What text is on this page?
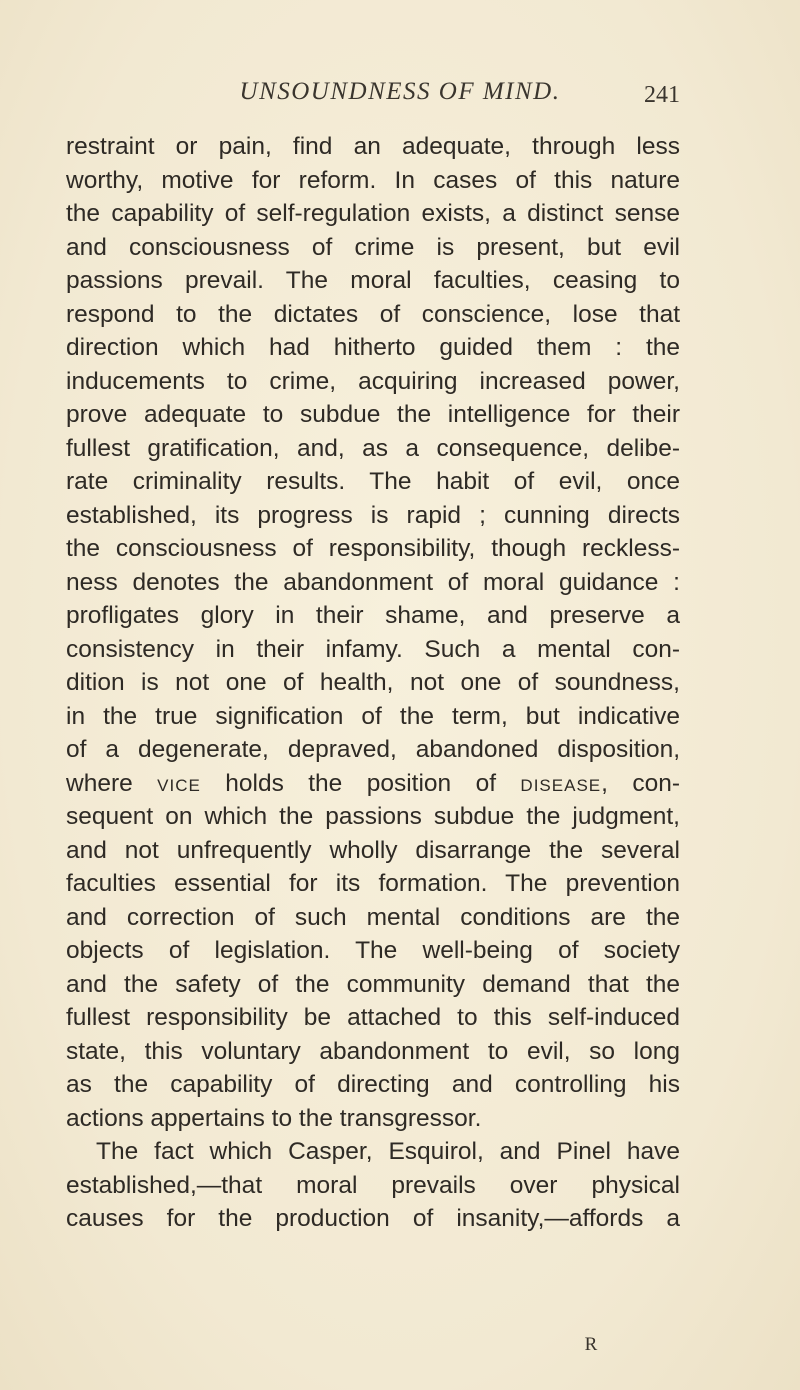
UNSOUNDNESS OF MIND.	241
restraint or pain, find an adequate, through less
worthy, motive for reform. In cases of this nature
the capability of self-regulation exists, a distinct sense
and consciousness of crime is present, but evil
passions prevail. The moral faculties, ceasing to
respond to the dictates of conscience, lose that
direction which had hitherto guided them : the
inducements to crime, acquiring increased power,
prove adequate to subdue the intelligence for their
fullest gratification, and, as a consequence, delibe-
rate criminality results. The habit of evil, once
established, its progress is rapid ; cunning directs
the consciousness of responsibility, though reckless-
ness denotes the abandonment of moral guidance :
profligates glory in their shame, and preserve a
consistency in their infamy. Such a mental con-
dition is not one of health, not one of soundness,
in the true signification of the term, but indicative
of a degenerate, depraved, abandoned disposition,
where vice holds the position of disease, con-
sequent on which the passions subdue the judgment,
and not unfrequently wholly disarrange the several
faculties essential for its formation. The prevention
and correction of such mental conditions are the
objects of legislation. The well-being of society
and the safety of the community demand that the
fullest responsibility be attached to this self-induced
state, this voluntary abandonment to evil, so long
as the capability of directing and controlling his
actions appertains to the transgressor.
The fact which Casper, Esquirol, and Pinel have
established,—that moral prevails over physical
causes for the production of insanity,—affords a
R
